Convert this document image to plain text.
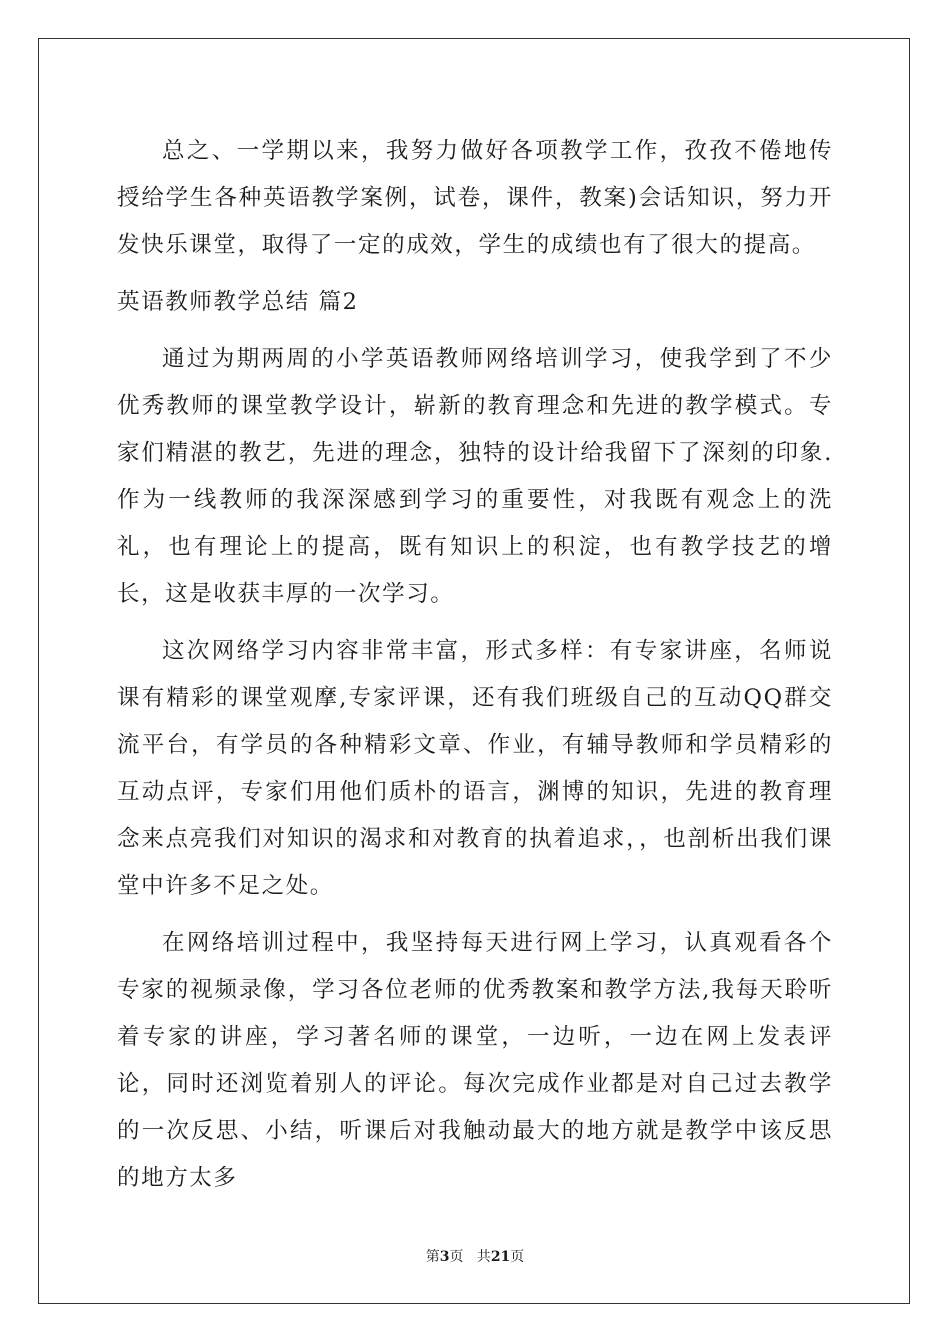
总之、一学期以来，我努力做好各项教学工作，孜孜不倦地传授给学生各种英语教学案例，试卷，课件，教案)会话知识，努力开发快乐课堂，取得了一定的成效，学生的成绩也有了很大的提高。

英语教师教学总结 篇2

通过为期两周的小学英语教师网络培训学习，使我学到了不少优秀教师的课堂教学设计，崭新的教育理念和先进的教学模式。专家们精湛的教艺，先进的理念，独特的设计给我留下了深刻的印象.作为一线教师的我深深感到学习的重要性，对我既有观念上的洗礼，也有理论上的提高，既有知识上的积淀，也有教学技艺的增长，这是收获丰厚的一次学习。

这次网络学习内容非常丰富，形式多样：有专家讲座，名师说课有精彩的课堂观摩,专家评课，还有我们班级自己的互动QQ群交流平台，有学员的各种精彩文章、作业，有辅导教师和学员精彩的互动点评，专家们用他们质朴的语言，渊博的知识，先进的教育理念来点亮我们对知识的渴求和对教育的执着追求，，也剖析出我们课堂中许多不足之处。

在网络培训过程中，我坚持每天进行网上学习，认真观看各个专家的视频录像，学习各位老师的优秀教案和教学方法,我每天聆听着专家的讲座，学习著名师的课堂，一边听，一边在网上发表评论，同时还浏览着别人的评论。每次完成作业都是对自己过去教学的一次反思、小结，听课后对我触动最大的地方就是教学中该反思的地方太多

第3页   共21页
